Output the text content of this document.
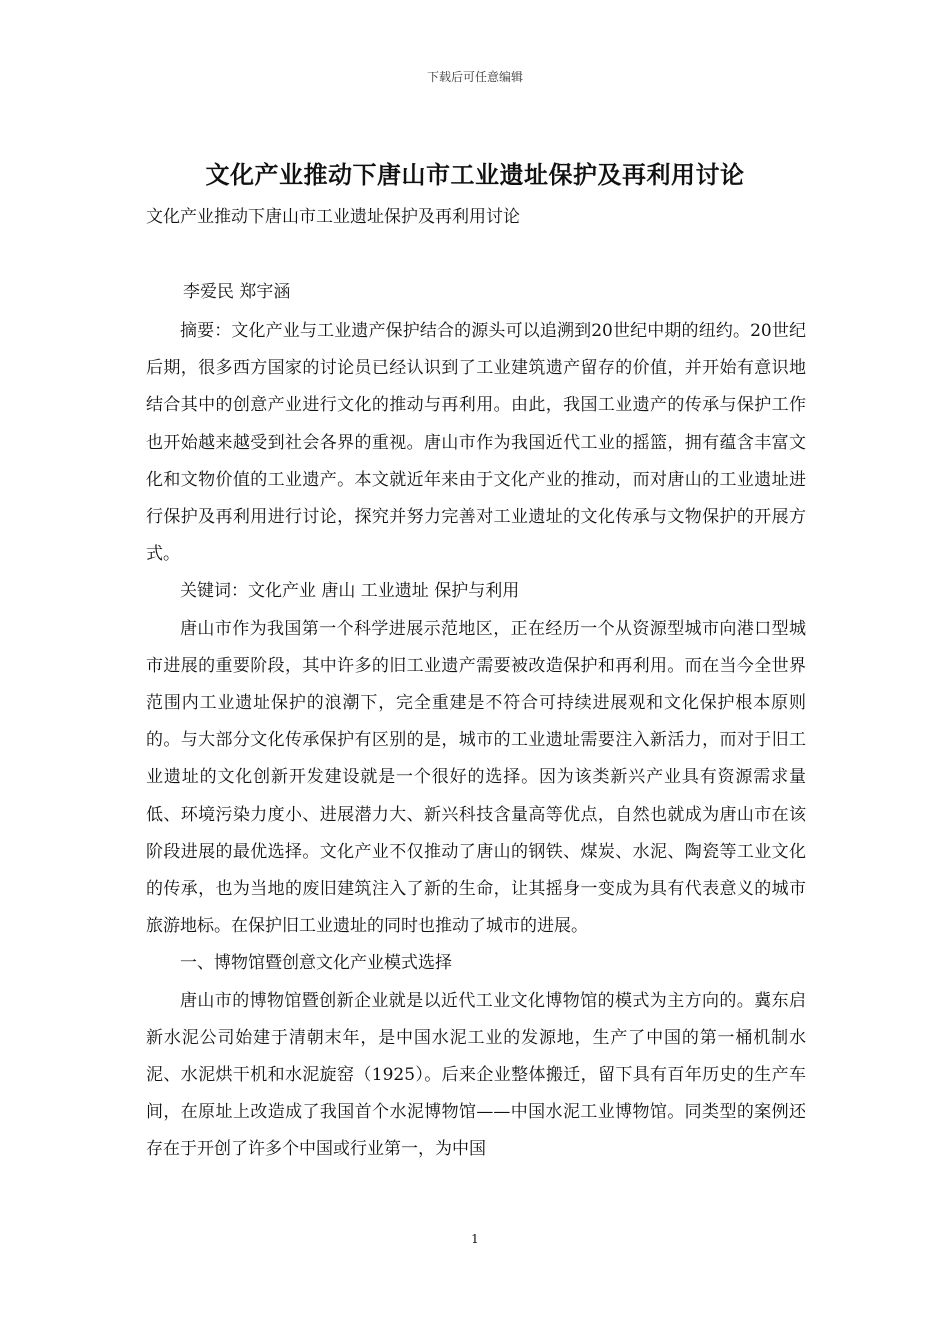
下载后可任意编辑
文化产业推动下唐山市工业遗址保护及再利用讨论
文化产业推动下唐山市工业遗址保护及再利用讨论
李爱民 郑宇涵

摘要：文化产业与工业遗产保护结合的源头可以追溯到20世纪中期的纽约。20世纪后期，很多西方国家的讨论员已经认识到了工业建筑遗产留存的价值，并开始有意识地结合其中的创意产业进行文化的推动与再利用。由此，我国工业遗产的传承与保护工作也开始越来越受到社会各界的重视。唐山市作为我国近代工业的摇篮，拥有蕴含丰富文化和文物价值的工业遗产。本文就近年来由于文化产业的推动，而对唐山的工业遗址进行保护及再利用进行讨论，探究并努力完善对工业遗址的文化传承与文物保护的开展方式。

关键词：文化产业 唐山 工业遗址 保护与利用

唐山市作为我国第一个科学进展示范地区，正在经历一个从资源型城市向港口型城市进展的重要阶段，其中许多的旧工业遗产需要被改造保护和再利用。而在当今全世界范围内工业遗址保护的浪潮下，完全重建是不符合可持续进展观和文化保护根本原则的。与大部分文化传承保护有区别的是，城市的工业遗址需要注入新活力，而对于旧工业遗址的文化创新开发建设就是一个很好的选择。因为该类新兴产业具有资源需求量低、环境污染力度小、进展潜力大、新兴科技含量高等优点，自然也就成为唐山市在该阶段进展的最优选择。文化产业不仅推动了唐山的钢铁、煤炭、水泥、陶瓷等工业文化的传承，也为当地的废旧建筑注入了新的生命，让其摇身一变成为具有代表意义的城市旅游地标。在保护旧工业遗址的同时也推动了城市的进展。

一、博物馆暨创意文化产业模式选择

唐山市的博物馆暨创新企业就是以近代工业文化博物馆的模式为主方向的。冀东启新水泥公司始建于清朝末年，是中国水泥工业的发源地，生产了中国的第一桶机制水泥、水泥烘干机和水泥旋窑（1925）。后来企业整体搬迁，留下具有百年历史的生产车间，在原址上改造成了我国首个水泥博物馆——中国水泥工业博物馆。同类型的案例还存在于开创了许多个中国或行业第一，为中国

1
